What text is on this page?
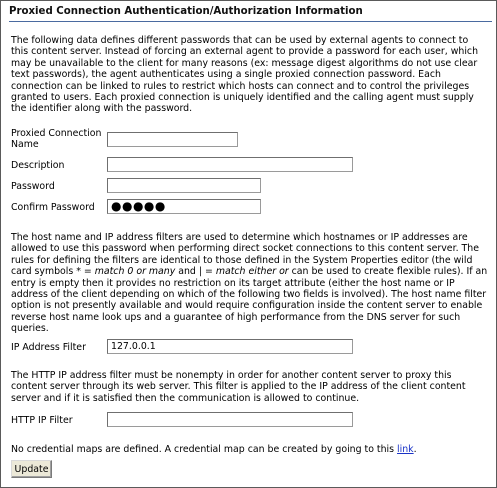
Proxied Connection Authentication/Authorization Information
The following data defines different passwords that can be used by external agents to connect to this content server. Instead of forcing an external agent to provide a password for each user, which may be unavailable to the client for many reasons (ex: message digest algorithms do not use clear text passwords), the agent authenticates using a single proxied connection password. Each connection can be linked to rules to restrict which hosts can connect and to control the privileges granted to users. Each proxied connection is uniquely identified and the calling agent must supply the identifier along with the password.
Proxied Connection
Name
Description
Password
Confirm Password	●●●●●
The host name and IP address filters are used to determine which hostnames or IP addresses are allowed to use this password when performing direct socket connections to this content server. The rules for defining the filters are identical to those defined in the System Properties editor (the wild card symbols * = match 0 or many and | = match either or can be used to create flexible rules). If an entry is empty then it provides no restriction on its target attribute (either the host name or IP address of the client depending on which of the following two fields is involved). The host name filter option is not presently available and would require configuration inside the content server to enable reverse host name look ups and a guarantee of high performance from the DNS server for such queries.
IP Address Filter	127.0.0.1
The HTTP IP address filter must be nonempty in order for another content server to proxy this content server through its web server. This filter is applied to the IP address of the client content server and if it is satisfied then the communication is allowed to continue.
HTTP IP Filter
No credential maps are defined. A credential map can be created by going to this link.
Update
